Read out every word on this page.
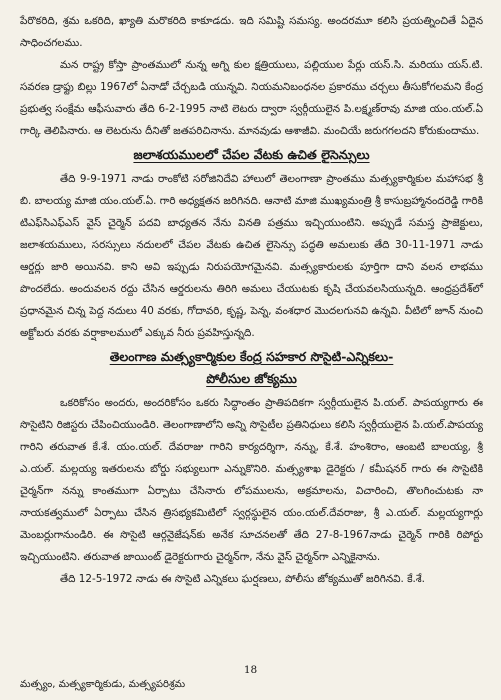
పేరొకరిది, శ్రమ ఒకరిది, ఖ్యాతి మరొకరిది కాకూడదు. ఇది సమిష్టి సమస్య. అందరమూ కలిసి ప్రయత్నించితే ఏదైన సాధించగలము.

మన రాష్ట్ర కోస్తా ప్రాంతములో నున్న అగ్ని కుల క్షత్రియులు, పల్లియుల పేర్లు యస్.సి. మరియు యస్.టి. సవరణ డ్రాఫ్టు బిల్లు 1967లో ఏనాడో చేర్చబడి యున్నవి. నియమనిబంధనల ప్రకారము చర్చలు తీసుకోగలమని కేంద్ర ప్రభుత్వ సంక్షేమ ఆఫీసువారు తేది 6-2-1995 నాటి లెటరు ద్వారా స్వర్గీయులైన పి.లక్ష్మణ్‌రావు మాజి యం.యల్.ఏ గార్కి తెలిపినారు. ఆ లెటరును దీనితో జతపరిచినాను. మానవుడు ఆశాజీవి. మంచియే జరుగగలదని కోరుకుందాము.

జలాశయములలో చేపల వేటకు ఉచిత లైసెన్సులు

తేది 9-9-1971 నాడు రాంకోటి సరోజినిదేవి హాలులో తెలంగాణా ప్రాంతము మత్స్యకార్మికుల మహాసభ శ్రీ బి. బాలయ్య మాజి యం.యల్.ఏ. గారి అధ్యక్షతన జరిగినది. ఆనాటి మాజి ముఖ్యమంత్రి శ్రీ కాసుబ్రహ్మానందరెడ్డి గారికి టిఎఫ్‌సిఎఫ్‌ఎస్ వైస్ చైర్మెన్ పదవి బాధ్యతన నేను వినతి పత్రము ఇచ్చియుంటిని. అప్పుడే సమస్త ప్రాజెక్టులు, జలాశయములు, సరస్సులు నదులలో చేపల వేటకు ఉచిత లైసెన్సు పద్ధతి అమలుకు తేది 30-11-1971 నాడు ఆర్డర్లు జారి అయినవి. కాని అవి ఇప్పుడు నిరుపయోగమైనవి. మత్స్యకారులకు పూర్తిగా దాని వలన లాభము పొందలేదు. అందువలన రద్దు చేసిన ఆర్డరులను తిరిగి అమలు చేయుటకు కృషి చేయవలసియున్నది. ఆంధ్రప్రదేశ్‌లో ప్రధానమైన చిన్న పెద్ద నదులు 40 వరకు, గోదావరి, కృష్ణ, పెన్న, వంశధార మొదలగునవి ఉన్నవి. వీటిలో జూన్ నుంచి అక్టోబరు వరకు వర్షాకాలములో ఎక్కువ నీరు ప్రవహిస్తున్నది.

తెలంగాణ మత్స్యకార్మికుల కేంద్ర సహకార సొసైటి-ఎన్నికలు-
పోలీసుల జోక్యము

ఒకరికోసం అందరు, అందరికోసం ఒకరు సిద్ధాంతం ప్రాతిపదికగా స్వర్గీయులైన పి.యల్. పాపయ్యగారు ఈ సొసైటిని రిజిస్టరు చేపించియుండిరి. తెలంగాణాలోని అన్ని సొసైటీల ప్రతినిధులు కలిసి స్వర్గీయులైన పి.యల్.పాపయ్య గారిని తరువాత కే.శే. యం.యల్. దేవరాజు గారిని కార్యదర్శిగా, నన్ను, కే.శే. హంశిరాం, ఆంబటి బాలయ్య, శ్రీ ఎ.యల్. మల్లయ్య ఇతరులను బోర్డు సభ్యులుగా ఎన్నుకొనిరి. మత్స్యశాఖ డైరెక్టరు / కమీషనర్ గారు ఈ సొసైటికి చైర్మన్‌గా నన్ను కాంతముగా ఏర్పాటు చేసినారు లోపములను, అక్రమాలను, విచారించి, తొలగించుటకు నా నాయకత్వములో ఏర్పాటు చేసిన త్రిసభ్యకమిటిలో స్వర్గస్థులైన యం.యల్.దేవరాజు, శ్రీ ఎ.యల్. మల్లయ్యగార్లు మెంబర్లుగానుండిరి. ఈ సొసైటి ఆర్గనైజేషన్‌కు అనేక సూచనలతో తేది 27-8-1967నాడు చైర్మెన్ గారికి రిపోర్టు ఇచ్చియుంటిని. తరువాత జాయింట్ డైరెక్టరుగారు చైర్మన్‌గా, నేను వైస్ చైర్మన్‌గా ఎన్నికైనాను.

తేది 12-5-1972 నాడు ఈ సొసైటి ఎన్నికలు ఘర్షణలు, పోలీసు జోక్యముతో జరిగినవి. కే.శే.

18
మత్స్యం, మత్స్యకార్మికుడు, మత్స్యపరిశ్రమ
